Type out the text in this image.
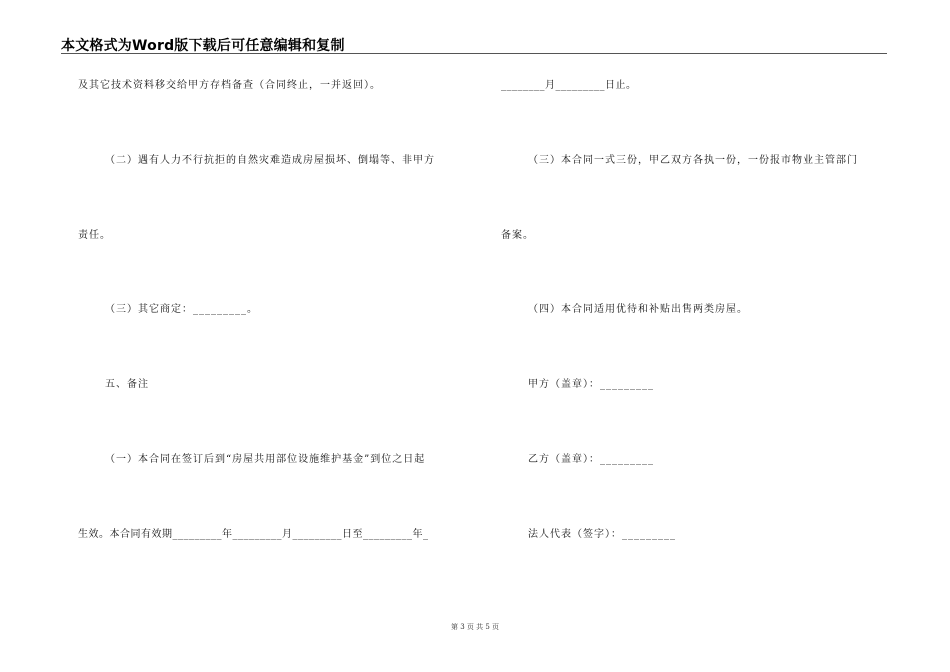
本文格式为Word版下载后可任意编辑和复制
及其它技术资料移交给甲方存档备查（合同终止，一并返回）。
（二）遇有人力不行抗拒的自然灾难造成房屋损坏、倒塌等、非甲方
责任。
（三）其它商定：_________。
五、备注
（一）本合同在签订后到“房屋共用部位设施维护基金”到位之日起
生效。本合同有效期_________年_________月_________日至_________年_
________月_________日止。
（三）本合同一式三份，甲乙双方各执一份，一份报市物业主管部门
备案。
（四）本合同适用优待和补贴出售两类房屋。
甲方（盖章）：_________
乙方（盖章）：_________
法人代表（签字）：_________
第 3 页 共 5 页
